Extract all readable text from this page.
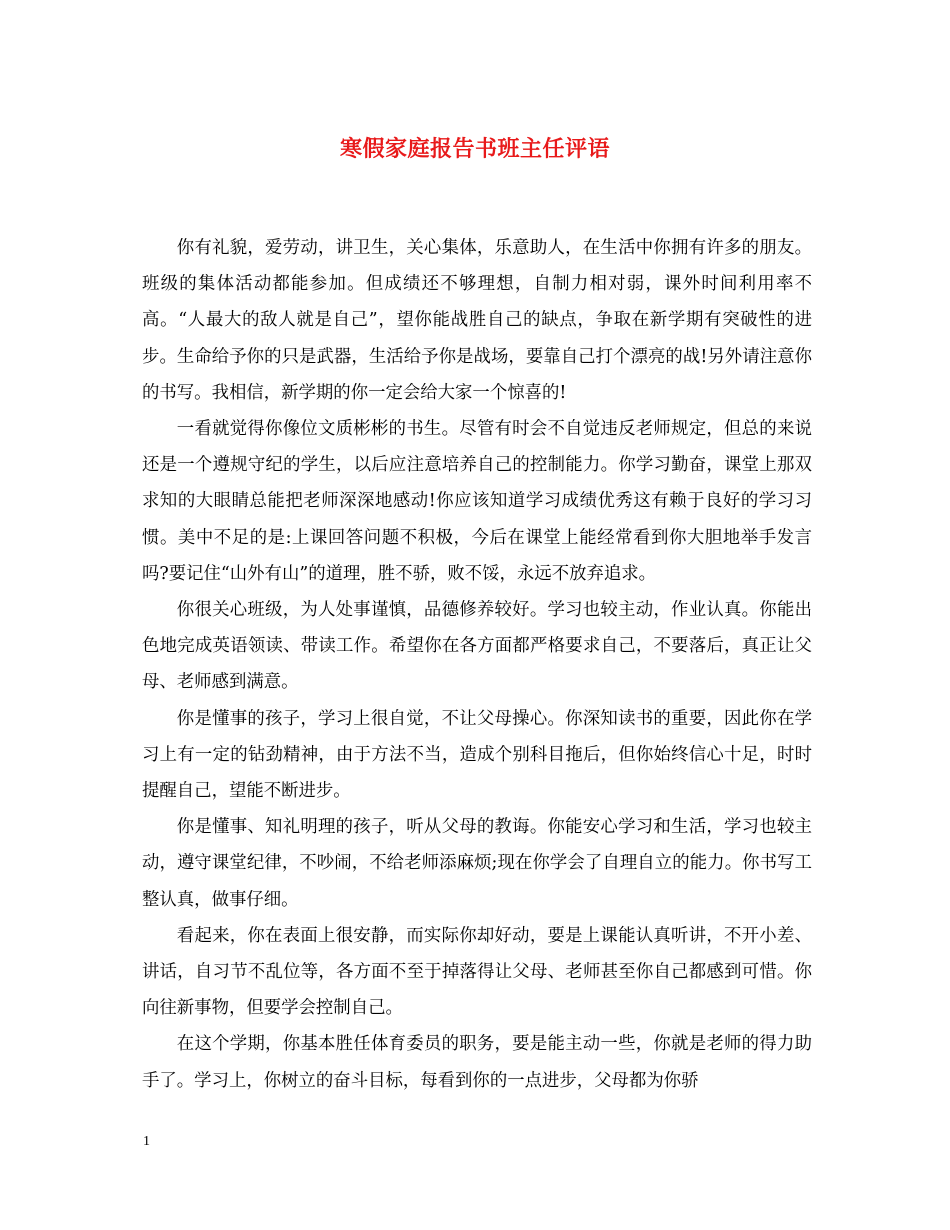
寒假家庭报告书班主任评语

你有礼貌，爱劳动，讲卫生，关心集体，乐意助人，在生活中你拥有许多的朋友。班级的集体活动都能参加。但成绩还不够理想，自制力相对弱，课外时间利用率不高。“人最大的敌人就是自己”，望你能战胜自己的缺点，争取在新学期有突破性的进步。生命给予你的只是武器，生活给予你是战场，要靠自己打个漂亮的战!另外请注意你的书写。我相信，新学期的你一定会给大家一个惊喜的!

一看就觉得你像位文质彬彬的书生。尽管有时会不自觉违反老师规定，但总的来说还是一个遵规守纪的学生，以后应注意培养自己的控制能力。你学习勤奋，课堂上那双求知的大眼睛总能把老师深深地感动!你应该知道学习成绩优秀这有赖于良好的学习习惯。美中不足的是:上课回答问题不积极，今后在课堂上能经常看到你大胆地举手发言吗?要记住“山外有山”的道理，胜不骄，败不馁，永远不放弃追求。

你很关心班级，为人处事谨慎，品德修养较好。学习也较主动，作业认真。你能出色地完成英语领读、带读工作。希望你在各方面都严格要求自己，不要落后，真正让父母、老师感到满意。

你是懂事的孩子，学习上很自觉，不让父母操心。你深知读书的重要，因此你在学习上有一定的钻劲精神，由于方法不当，造成个别科目拖后，但你始终信心十足，时时提醒自己，望能不断进步。

你是懂事、知礼明理的孩子，听从父母的教诲。你能安心学习和生活，学习也较主动，遵守课堂纪律，不吵闹，不给老师添麻烦;现在你学会了自理自立的能力。你书写工整认真，做事仔细。

看起来，你在表面上很安静，而实际你却好动，要是上课能认真听讲，不开小差、讲话，自习节不乱位等，各方面不至于掉落得让父母、老师甚至你自己都感到可惜。你向往新事物，但要学会控制自己。

在这个学期，你基本胜任体育委员的职务，要是能主动一些，你就是老师的得力助手了。学习上，你树立的奋斗目标，每看到你的一点进步，父母都为你骄

1
